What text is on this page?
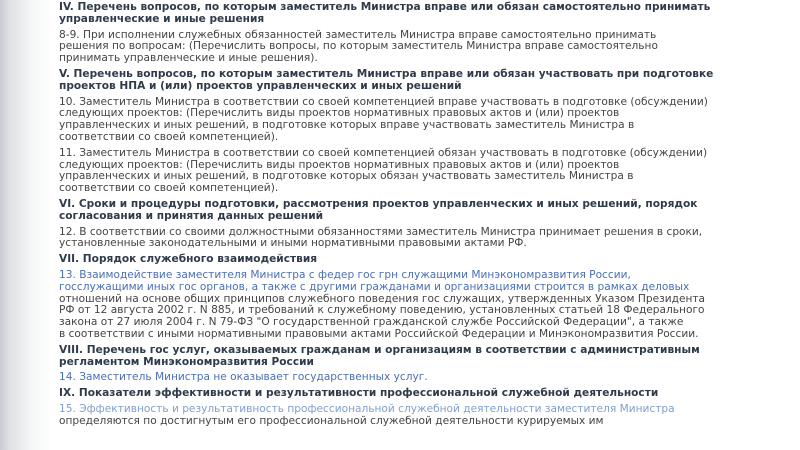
IV. Перечень вопросов, по которым заместитель Министра вправе или обязан самостоятельно принимать
управленческие и иные решения
8-9. При исполнении служебных обязанностей заместитель Министра вправе самостоятельно принимать
решения по вопросам: (Перечислить вопросы, по которым заместитель Министра вправе самостоятельно
принимать управленческие и иные решения).
V. Перечень вопросов, по которым заместитель Министра вправе или обязан участвовать при подготовке
проектов НПА и (или) проектов управленческих и иных решений
10. Заместитель Министра в соответствии со своей компетенцией вправе участвовать в подготовке (обсуждении)
следующих проектов: (Перечислить виды проектов нормативных правовых актов и (или) проектов
управленческих и иных решений, в подготовке которых вправе участвовать заместитель Министра в
соответствии со своей компетенцией).
11. Заместитель Министра в соответствии со своей компетенцией обязан участвовать в подготовке (обсуждении)
следующих проектов: (Перечислить виды проектов нормативных правовых актов и (или) проектов
управленческих и иных решений, в подготовке которых обязан участвовать заместитель Министра в
соответствии со своей компетенцией).
VI. Сроки и процедуры подготовки, рассмотрения проектов управленческих и иных решений, порядок
согласования и принятия данных решений
12. В соответствии со своими должностными обязанностями заместитель Министра принимает решения в сроки,
установленные законодательными и иными нормативными правовыми актами РФ.
VII. Порядок служебного взаимодействия
13. Взаимодействие заместителя Министра с федер гос грн служащими Минэкономразвития России,
госслужащими иных гос органов, а также с другими гражданами и организациями строится в рамках деловых
отношений на основе общих принципов служебного поведения гос служащих, утвержденных Указом Президента
РФ от 12 августа 2002 г. N 885, и требований к служебному поведению, установленных статьей 18 Федерального
закона от 27 июля 2004 г. N 79-ФЗ "О государственной гражданской службе Российской Федерации", а также
в соответствии с иными нормативными правовыми актами Российской Федерации и Минэкономразвития России.
VIII. Перечень гос услуг, оказываемых гражданам и организациям в соответствии с административным
регламентом Минэкономразвития России
14. Заместитель Министра не оказывает государственных услуг.
IX. Показатели эффективности и результативности профессиональной служебной деятельности
15. Эффективность и результативность профессиональной служебной деятельности заместителя Министра
определяются по достигнутым его профессиональной служебной деятельности курируемых им
